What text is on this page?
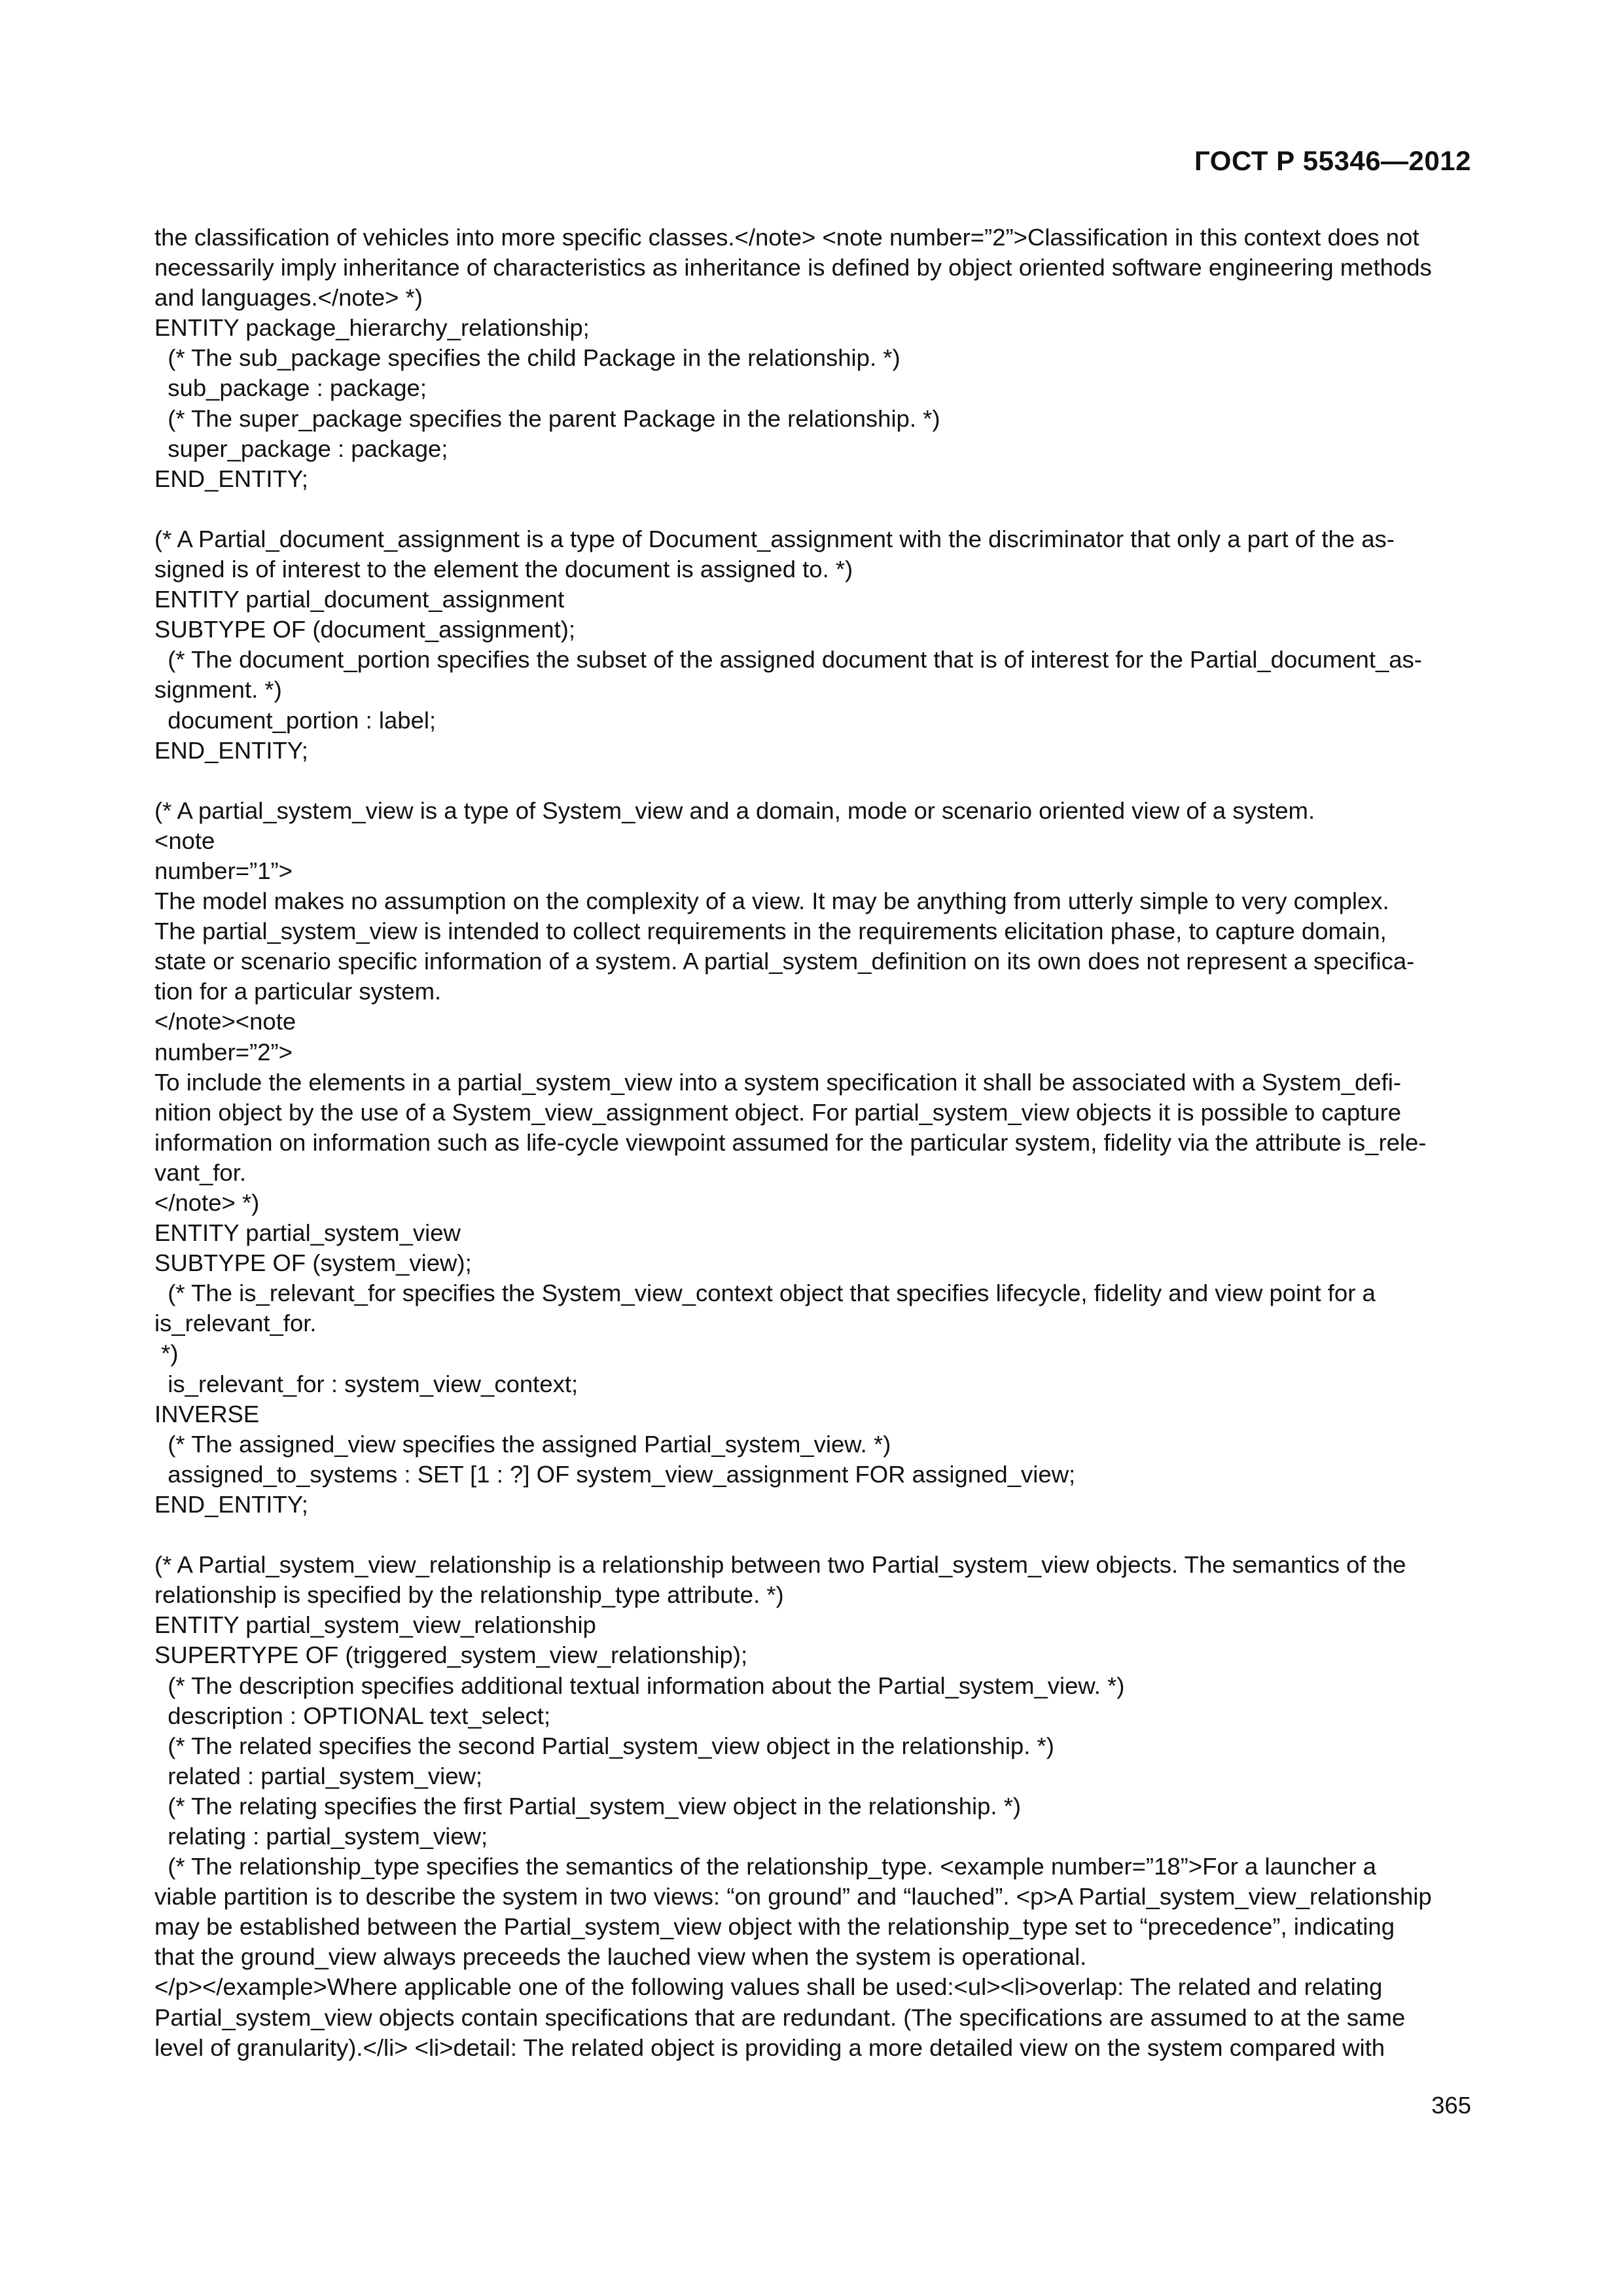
ГОСТ Р 55346—2012
the classification of vehicles into more specific classes.</note> <note number=”2”>Classification in this context does not
necessarily imply inheritance of characteristics as inheritance is defined by object oriented software engineering methods
and languages.</note> *)
ENTITY package_hierarchy_relationship;
(* The sub_package specifies the child Package in the relationship. *)
sub_package : package;
(* The super_package specifies the parent Package in the relationship. *)
super_package : package;
END_ENTITY;
(* A Partial_document_assignment is a type of Document_assignment with the discriminator that only a part of the as-
signed is of interest to the element the document is assigned to. *)
ENTITY partial_document_assignment
SUBTYPE OF (document_assignment);
(* The document_portion specifies the subset of the assigned document that is of interest for the Partial_document_as-
signment. *)
document_portion : label;
END_ENTITY;
(* A partial_system_view is a type of System_view and a domain, mode or scenario oriented view of a system.
<note
number=”1”>
The model makes no assumption on the complexity of a view. It may be anything from utterly simple to very complex.
The partial_system_view is intended to collect requirements in the requirements elicitation phase, to capture domain,
state or scenario specific information of a system. A partial_system_definition on its own does not represent a specifica-
tion for a particular system.
</note><note
number=”2”>
To include the elements in a partial_system_view into a system specification it shall be associated with a System_defi-
nition object by the use of a System_view_assignment object. For partial_system_view objects it is possible to capture
information on information such as life-cycle viewpoint assumed for the particular system, fidelity via the attribute is_rele-
vant_for.
</note> *)
ENTITY partial_system_view
SUBTYPE OF (system_view);
(* The is_relevant_for specifies the System_view_context object that specifies lifecycle, fidelity and view point for a
is_relevant_for.
*)
is_relevant_for : system_view_context;
INVERSE
(* The assigned_view specifies the assigned Partial_system_view. *)
assigned_to_systems : SET [1 : ?] OF system_view_assignment FOR assigned_view;
END_ENTITY;
(* A Partial_system_view_relationship is a relationship between two Partial_system_view objects. The semantics of the
relationship is specified by the relationship_type attribute. *)
ENTITY partial_system_view_relationship
SUPERTYPE OF (triggered_system_view_relationship);
(* The description specifies additional textual information about the Partial_system_view. *)
description : OPTIONAL text_select;
(* The related specifies the second Partial_system_view object in the relationship. *)
related : partial_system_view;
(* The relating specifies the first Partial_system_view object in the relationship. *)
relating : partial_system_view;
(* The relationship_type specifies the semantics of the relationship_type. <example number=”18”>For a launcher a
viable partition is to describe the system in two views: “on ground” and “lauched”. <p>A Partial_system_view_relationship
may be established between the Partial_system_view object with the relationship_type set to “precedence”, indicating
that the ground_view always preceeds the lauched view when the system is operational.
</p></example>Where applicable one of the following values shall be used:<ul><li>overlap: The related and relating
Partial_system_view objects contain specifications that are redundant. (The specifications are assumed to at the same
level of granularity).</li> <li>detail: The related object is providing a more detailed view on the system compared with
365
